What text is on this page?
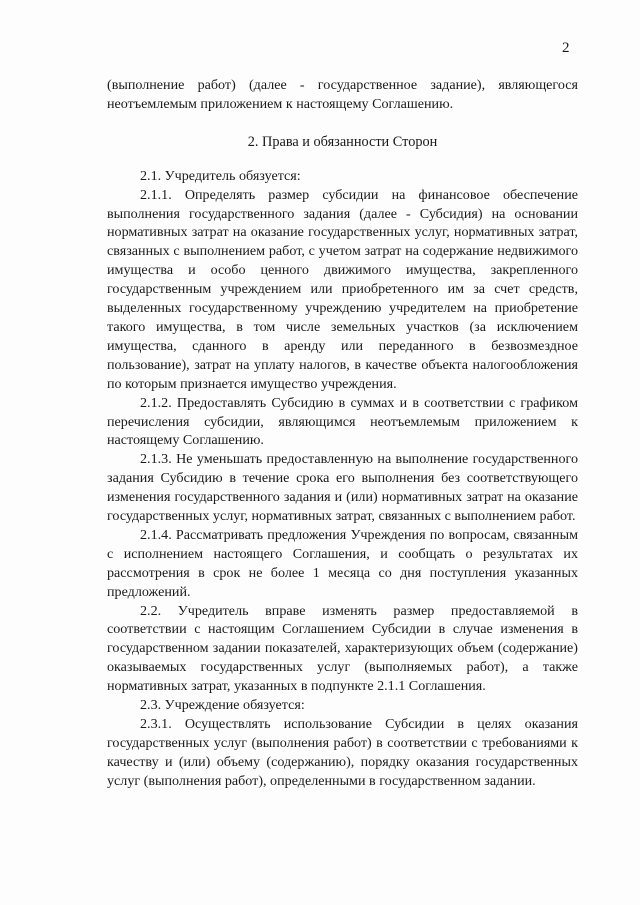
2

(выполнение работ) (далее - государственное задание), являющегося неотъемлемым приложением к настоящему Соглашению.

2. Права и обязанности Сторон

2.1. Учредитель обязуется:

2.1.1. Определять размер субсидии на финансовое обеспечение выполнения государственного задания (далее - Субсидия) на основании нормативных затрат на оказание государственных услуг, нормативных затрат, связанных с выполнением работ, с учетом затрат на содержание недвижимого имущества и особо ценного движимого имущества, закрепленного государственным учреждением или приобретенного им за счет средств, выделенных государственному учреждению учредителем на приобретение такого имущества, в том числе земельных участков (за исключением имущества, сданного в аренду или переданного в безвозмездное пользование), затрат на уплату налогов, в качестве объекта налогообложения по которым признается имущество учреждения.

2.1.2. Предоставлять Субсидию в суммах и в соответствии с графиком перечисления субсидии, являющимся неотъемлемым приложением к настоящему Соглашению.

2.1.3. Не уменьшать предоставленную на выполнение государственного задания Субсидию в течение срока его выполнения без соответствующего изменения государственного задания и (или) нормативных затрат на оказание государственных услуг, нормативных затрат, связанных с выполнением работ.

2.1.4. Рассматривать предложения Учреждения по вопросам, связанным с исполнением настоящего Соглашения, и сообщать о результатах их рассмотрения в срок не более 1 месяца со дня поступления указанных предложений.

2.2. Учредитель вправе изменять размер предоставляемой в соответствии с настоящим Соглашением Субсидии в случае изменения в государственном задании показателей, характеризующих объем (содержание) оказываемых государственных услуг (выполняемых работ), а также нормативных затрат, указанных в подпункте 2.1.1 Соглашения.

2.3. Учреждение обязуется:

2.3.1. Осуществлять использование Субсидии в целях оказания государственных услуг (выполнения работ) в соответствии с требованиями к качеству и (или) объему (содержанию), порядку оказания государственных услуг (выполнения работ), определенными в государственном задании.
